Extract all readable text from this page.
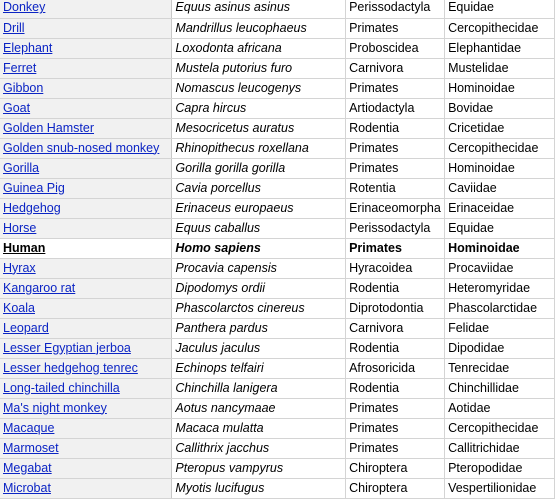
Donkey	Equus asinus asinus	Perissodactyla	Equidae
Drill	Mandrillus leucophaeus	Primates	Cercopithecidae
Elephant	Loxodonta africana	Proboscidea	Elephantidae
Ferret	Mustela putorius furo	Carnivora	Mustelidae
Gibbon	Nomascus leucogenys	Primates	Hominoidae
Goat	Capra hircus	Artiodactyla	Bovidae
Golden Hamster	Mesocricetus auratus	Rodentia	Cricetidae
Golden snub-nosed monkey	Rhinopithecus roxellana	Primates	Cercopithecidae
Gorilla	Gorilla gorilla gorilla	Primates	Hominoidae
Guinea Pig	Cavia porcellus	Rotentia	Caviidae
Hedgehog	Erinaceus europaeus	Erinaceomorpha	Erinaceidae
Horse	Equus caballus	Perissodactyla	Equidae
Human	Homo sapiens	Primates	Hominoidae
Hyrax	Procavia capensis	Hyracoidea	Procaviidae
Kangaroo rat	Dipodomys ordii	Rodentia	Heteromyridae
Koala	Phascolarctos cinereus	Diprotodontia	Phascolarctidae
Leopard	Panthera pardus	Carnivora	Felidae
Lesser Egyptian jerboa	Jaculus jaculus	Rodentia	Dipodidae
Lesser hedgehog tenrec	Echinops telfairi	Afrosoricida	Tenrecidae
Long-tailed chinchilla	Chinchilla lanigera	Rodentia	Chinchillidae
Ma's night monkey	Aotus nancymaae	Primates	Aotidae
Macaque	Macaca mulatta	Primates	Cercopithecidae
Marmoset	Callithrix jacchus	Primates	Callitrichidae
Megabat	Pteropus vampyrus	Chiroptera	Pteropodidae
Microbat	Myotis lucifugus	Chiroptera	Vespertilionidae
